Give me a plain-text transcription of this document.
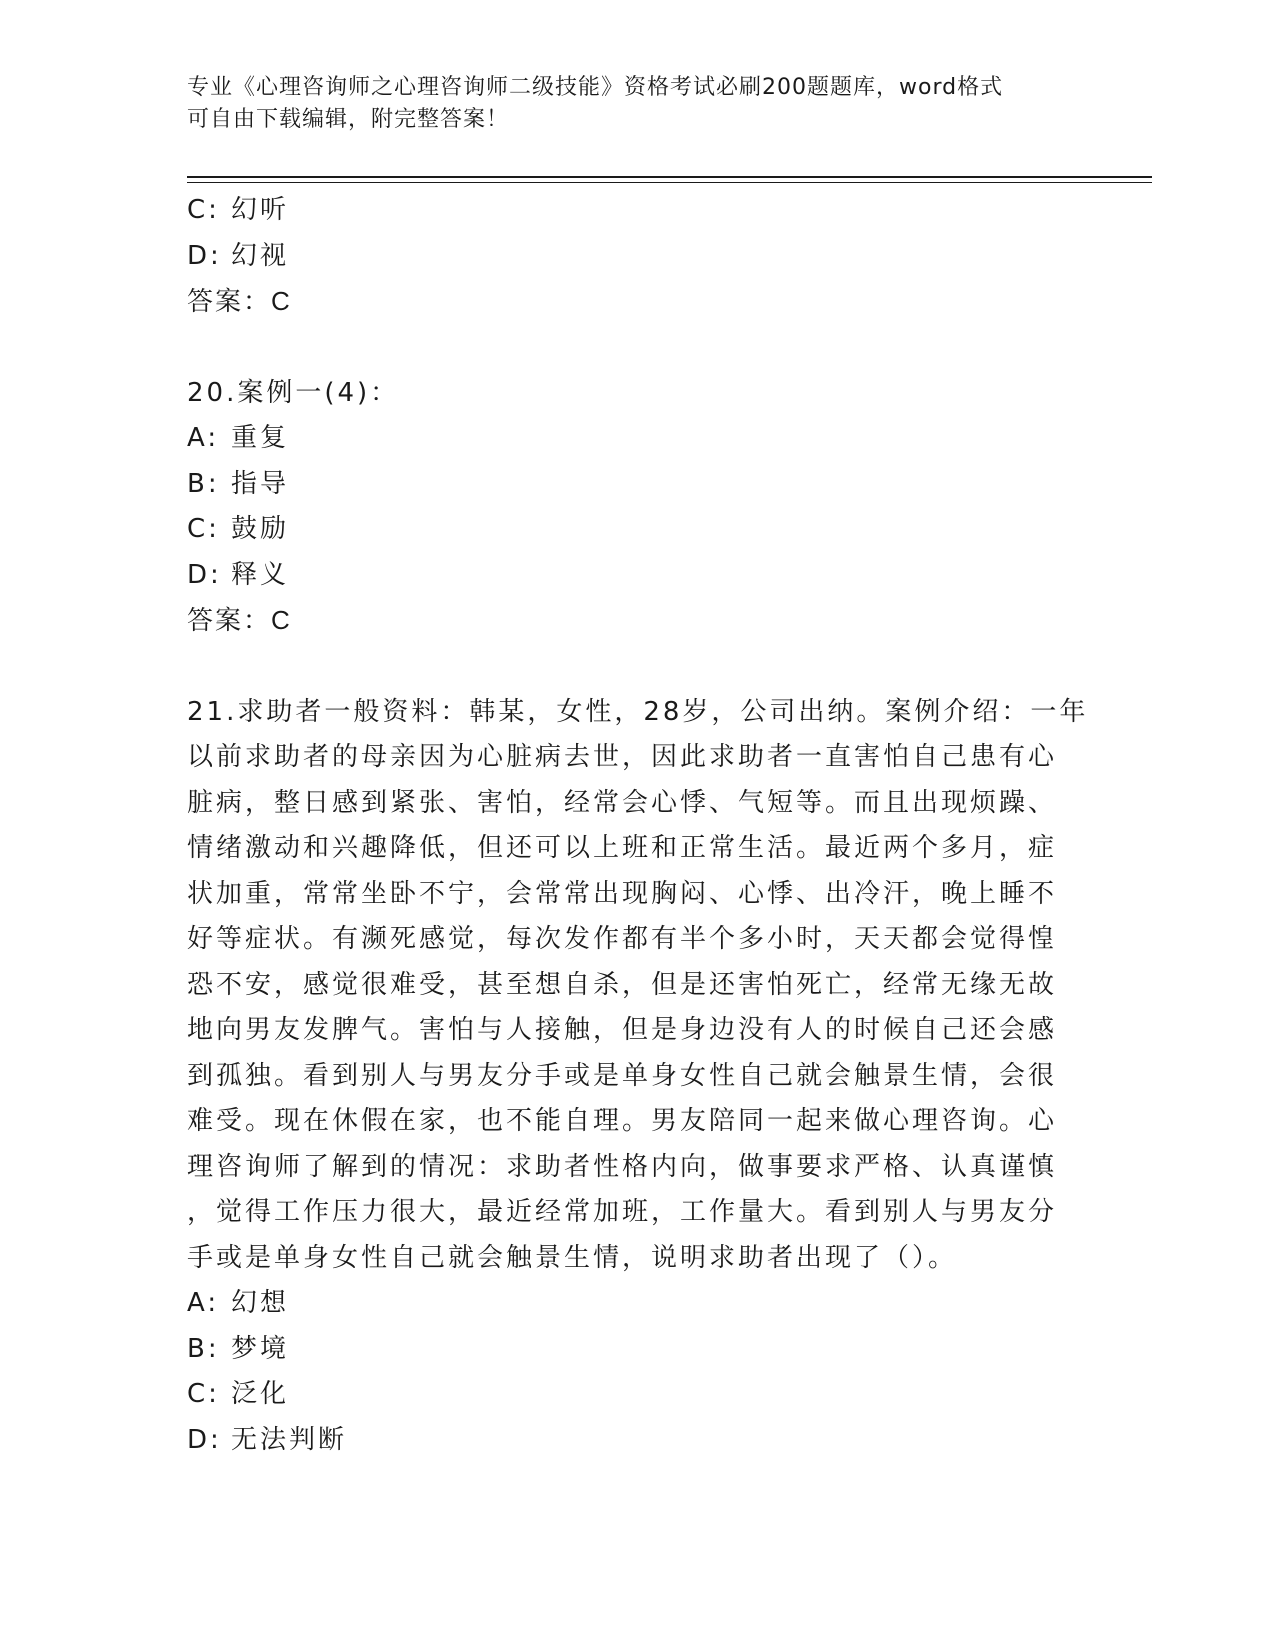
专业《心理咨询师之心理咨询师二级技能》资格考试必刷200题题库，word格式
可自由下载编辑，附完整答案！
C: 幻听
D: 幻视
答案：C
20.案例一(4)：
A: 重复
B: 指导
C: 鼓励
D: 释义
答案：C
21.求助者一般资料：韩某，女性，28岁，公司出纳。案例介绍：一年
以前求助者的母亲因为心脏病去世，因此求助者一直害怕自己患有心
脏病，整日感到紧张、害怕，经常会心悸、气短等。而且出现烦躁、
情绪激动和兴趣降低，但还可以上班和正常生活。最近两个多月，症
状加重，常常坐卧不宁，会常常出现胸闷、心悸、出冷汗，晚上睡不
好等症状。有濒死感觉，每次发作都有半个多小时，天天都会觉得惶
恐不安，感觉很难受，甚至想自杀，但是还害怕死亡，经常无缘无故
地向男友发脾气。害怕与人接触，但是身边没有人的时候自己还会感
到孤独。看到别人与男友分手或是单身女性自己就会触景生情，会很
难受。现在休假在家，也不能自理。男友陪同一起来做心理咨询。心
理咨询师了解到的情况：求助者性格内向，做事要求严格、认真谨慎
，觉得工作压力很大，最近经常加班，工作量大。看到别人与男友分
手或是单身女性自己就会触景生情，说明求助者出现了（）。
A: 幻想
B: 梦境
C: 泛化
D: 无法判断
